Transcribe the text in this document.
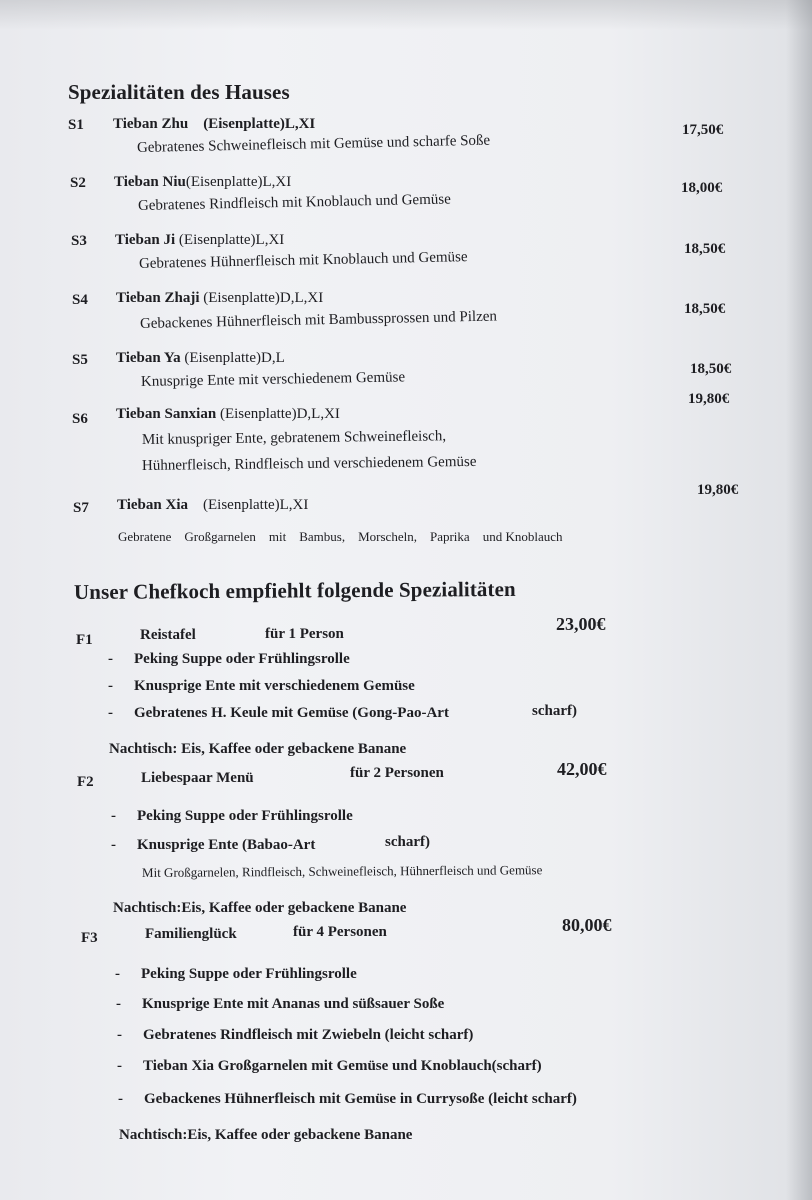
Spezialitäten des Hauses
S1 Tieban Zhu (Eisenplatte)L,XI
Gebratenes Schweinefleisch mit Gemüse und scharfe Soße
17,50€
S2 Tieban Niu(Eisenplatte)L,XI
Gebratenes Rindfleisch mit Knoblauch und Gemüse
18,00€
S3 Tieban Ji (Eisenplatte)L,XI
Gebratenes Hühnerfleisch mit Knoblauch und Gemüse
18,50€
S4 Tieban Zhaji (Eisenplatte)D,L,XI
Gebackenes Hühnerfleisch mit Bambussprossen und Pilzen	18,50€
S5 Tieban Ya (Eisenplatte)D,L
Knusprige Ente mit verschiedenem Gemüse
18,50€
S6 Tieban Sanxian (Eisenplatte)D,L,XI
Mit knuspriger Ente, gebratenem Schweinefleisch,
Hühnerfleisch, Rindfleisch und verschiedenem Gemüse
19,80€
S7 Tieban Xia (Eisenplatte)L,XI
Gebratene Großgarnelen mit Bambus, Morscheln, Paprika und Knoblauch
19,80€
Unser Chefkoch empfiehlt folgende Spezialitäten
F1	Reistafel	für 1 Person	23,00€
- Peking Suppe oder Frühlingsrolle
- Knusprige Ente mit verschiedenem Gemüse
- Gebratenes H. Keule mit Gemüse (Gong-Pao-Art	scharf)
Nachtisch: Eis, Kaffee oder gebackene Banane
F2	Liebespaar Menü	für 2 Personen	42,00€
- Peking Suppe oder Frühlingsrolle
- Knusprige Ente (Babao-Art	scharf)
Mit Großgarnelen, Rindfleisch, Schweinefleisch, Hühnerfleisch und Gemüse
Nachtisch:Eis, Kaffee oder gebackene Banane
F3	Familienglück	für 4 Personen	80,00€
- Peking Suppe oder Frühlingsrolle
- Knusprige Ente mit Ananas und süßsauer Soße
- Gebratenes Rindfleisch mit Zwiebeln (leicht scharf)
- Tieban Xia Großgarnelen mit Gemüse und Knoblauch(scharf)
- Gebackenes Hühnerfleisch mit Gemüse in Currysoße (leicht scharf)
Nachtisch:Eis, Kaffee oder gebackene Banane
